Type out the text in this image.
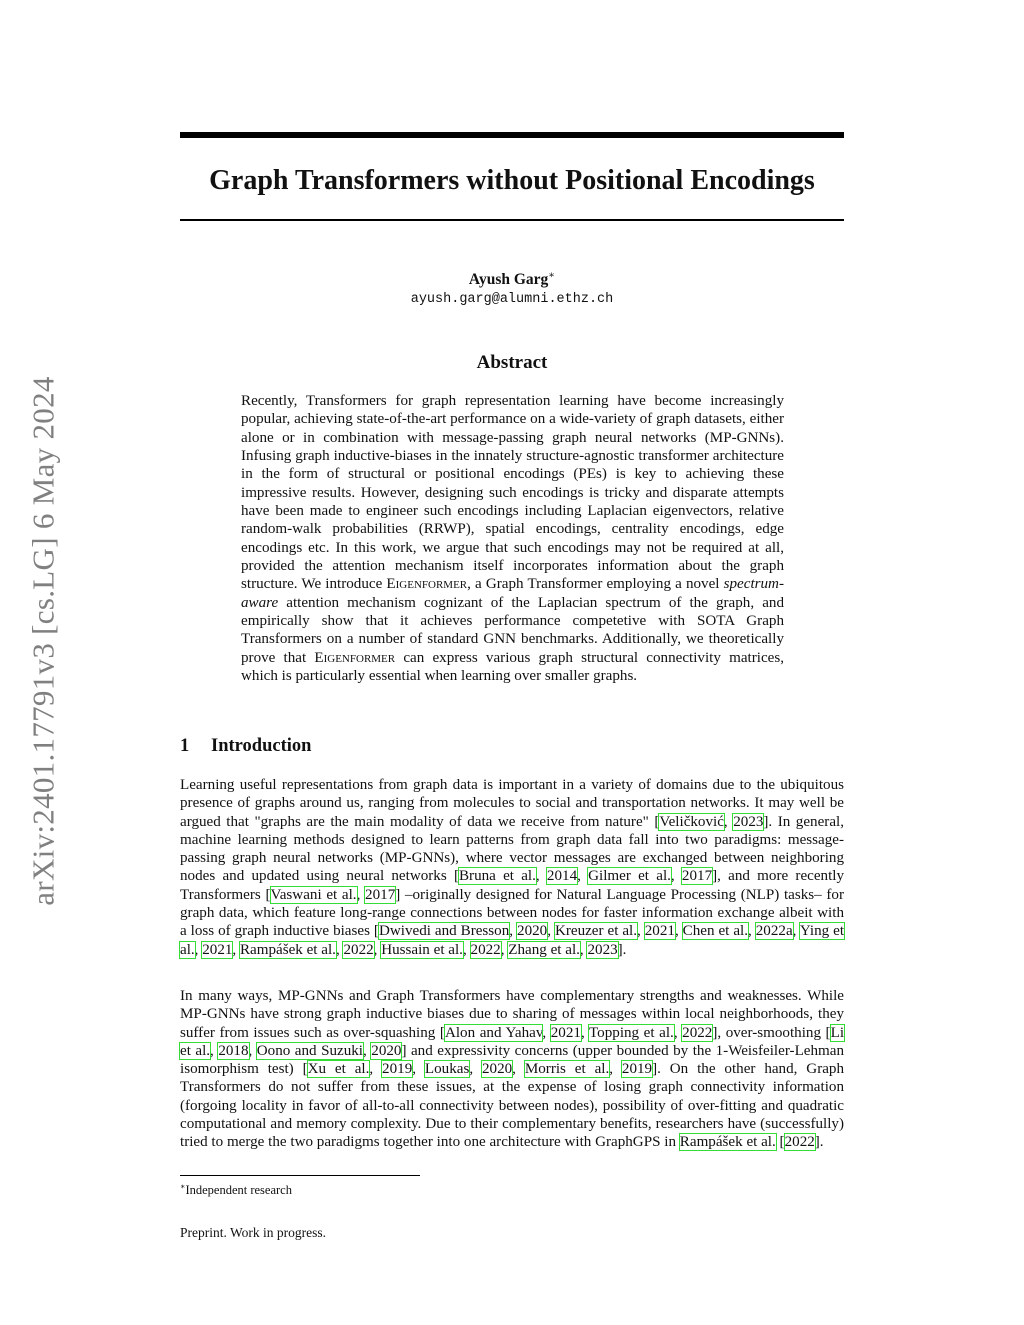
arXiv:2401.17791v3 [cs.LG] 6 May 2024
Graph Transformers without Positional Encodings
Ayush Garg∗
ayush.garg@alumni.ethz.ch
Abstract

Recently, Transformers for graph representation learning have become increasingly popular, achieving state-of-the-art performance on a wide-variety of graph datasets, either alone or in combination with message-passing graph neural networks (MP-GNNs). Infusing graph inductive-biases in the innately structure-agnostic transformer architecture in the form of structural or positional encodings (PEs) is key to achieving these impressive results. However, designing such encodings is tricky and disparate attempts have been made to engineer such encodings including Laplacian eigenvectors, relative random-walk probabilities (RRWP), spatial encodings, centrality encodings, edge encodings etc. In this work, we argue that such encodings may not be required at all, provided the attention mechanism itself incorporates information about the graph structure. We introduce Eigenformer, a Graph Transformer employing a novel spectrum-aware attention mechanism cognizant of the Laplacian spectrum of the graph, and empirically show that it achieves performance competetive with SOTA Graph Transformers on a number of standard GNN benchmarks. Additionally, we theoretically prove that Eigenformer can express various graph structural connectivity matrices, which is particularly essential when learning over smaller graphs.

1 Introduction

Learning useful representations from graph data is important in a variety of domains due to the ubiquitous presence of graphs around us, ranging from molecules to social and transportation networks. It may well be argued that "graphs are the main modality of data we receive from nature" [Veličković, 2023]. In general, machine learning methods designed to learn patterns from graph data fall into two paradigms: message-passing graph neural networks (MP-GNNs), where vector messages are exchanged between neighboring nodes and updated using neural networks [Bruna et al., 2014, Gilmer et al., 2017], and more recently Transformers [Vaswani et al., 2017] –originally designed for Natural Language Processing (NLP) tasks– for graph data, which feature long-range connections between nodes for faster information exchange albeit with a loss of graph inductive biases [Dwivedi and Bresson, 2020, Kreuzer et al., 2021, Chen et al., 2022a, Ying et al., 2021, Rampášek et al., 2022, Hussain et al., 2022, Zhang et al., 2023].

In many ways, MP-GNNs and Graph Transformers have complementary strengths and weaknesses. While MP-GNNs have strong graph inductive biases due to sharing of messages within local neighborhoods, they suffer from issues such as over-squashing [Alon and Yahav, 2021, Topping et al., 2022], over-smoothing [Li et al., 2018, Oono and Suzuki, 2020] and expressivity concerns (upper bounded by the 1-Weisfeiler-Lehman isomorphism test) [Xu et al., 2019, Loukas, 2020, Morris et al., 2019]. On the other hand, Graph Transformers do not suffer from these issues, at the expense of losing graph connectivity information (forgoing locality in favor of all-to-all connectivity between nodes), possibility of over-fitting and quadratic computational and memory complexity. Due to their complementary benefits, researchers have (successfully) tried to merge the two paradigms together into one architecture with GraphGPS in Rampášek et al. [2022].

∗Independent research

Preprint. Work in progress.
